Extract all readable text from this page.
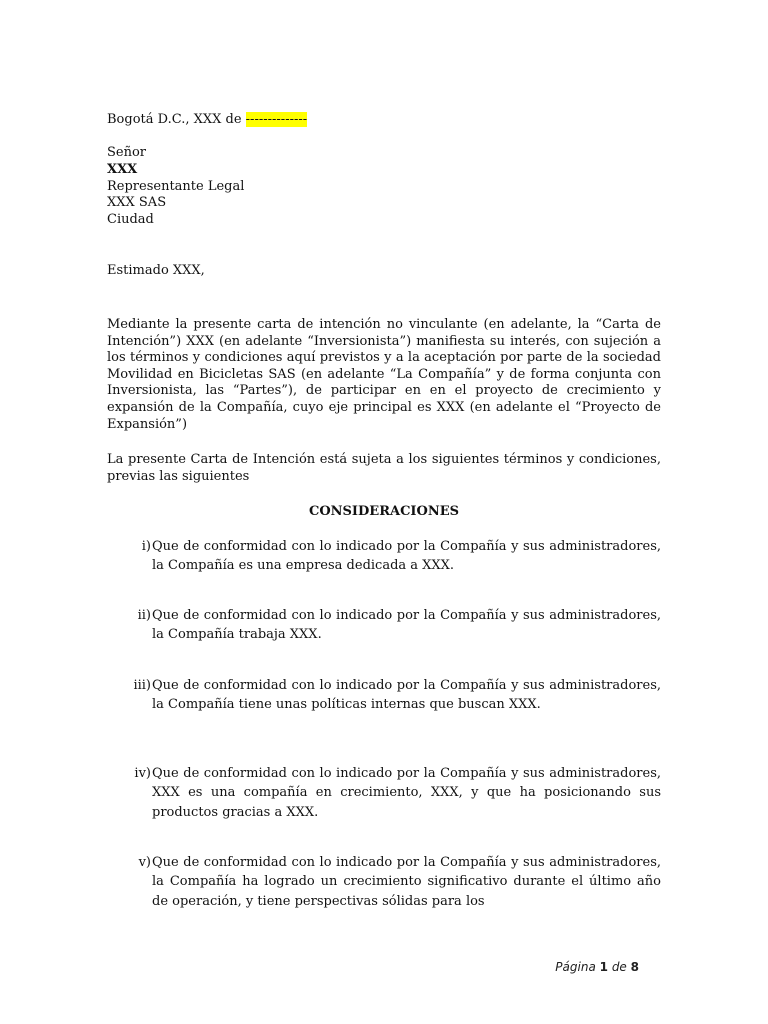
Bogotá D.C., XXX de --------------
Señor
XXX
Representante Legal
XXX SAS
Ciudad
Estimado XXX,
Mediante la presente carta de intención no vinculante (en adelante, la “Carta de Intención”) XXX (en adelante “Inversionista”) manifiesta su interés, con sujeción a los términos y condiciones aquí previstos y a la aceptación por parte de la sociedad Movilidad en Bicicletas SAS (en adelante “La Compañía” y de forma conjunta con Inversionista, las “Partes”), de participar en en el proyecto de crecimiento y expansión de la Compañía, cuyo eje principal es XXX (en adelante el “Proyecto de Expansión”)
La presente Carta de Intención está sujeta a los siguientes términos y condiciones, previas las siguientes
CONSIDERACIONES
i) Que de conformidad con lo indicado por la Compañía y sus administradores, la Compañía es una empresa dedicada a XXX.
ii) Que de conformidad con lo indicado por la Compañía y sus administradores, la Compañía trabaja XXX.
iii) Que de conformidad con lo indicado por la Compañía y sus administradores, la Compañía tiene unas políticas internas que buscan XXX.
iv) Que de conformidad con lo indicado por la Compañía y sus administradores, XXX es una compañía en crecimiento, XXX, y que ha posicionando sus productos gracias a XXX.
v) Que de conformidad con lo indicado por la Compañía y sus administradores, la Compañía ha logrado un crecimiento significativo durante el último año de operación, y tiene perspectivas sólidas para los
Página 1 de 8
